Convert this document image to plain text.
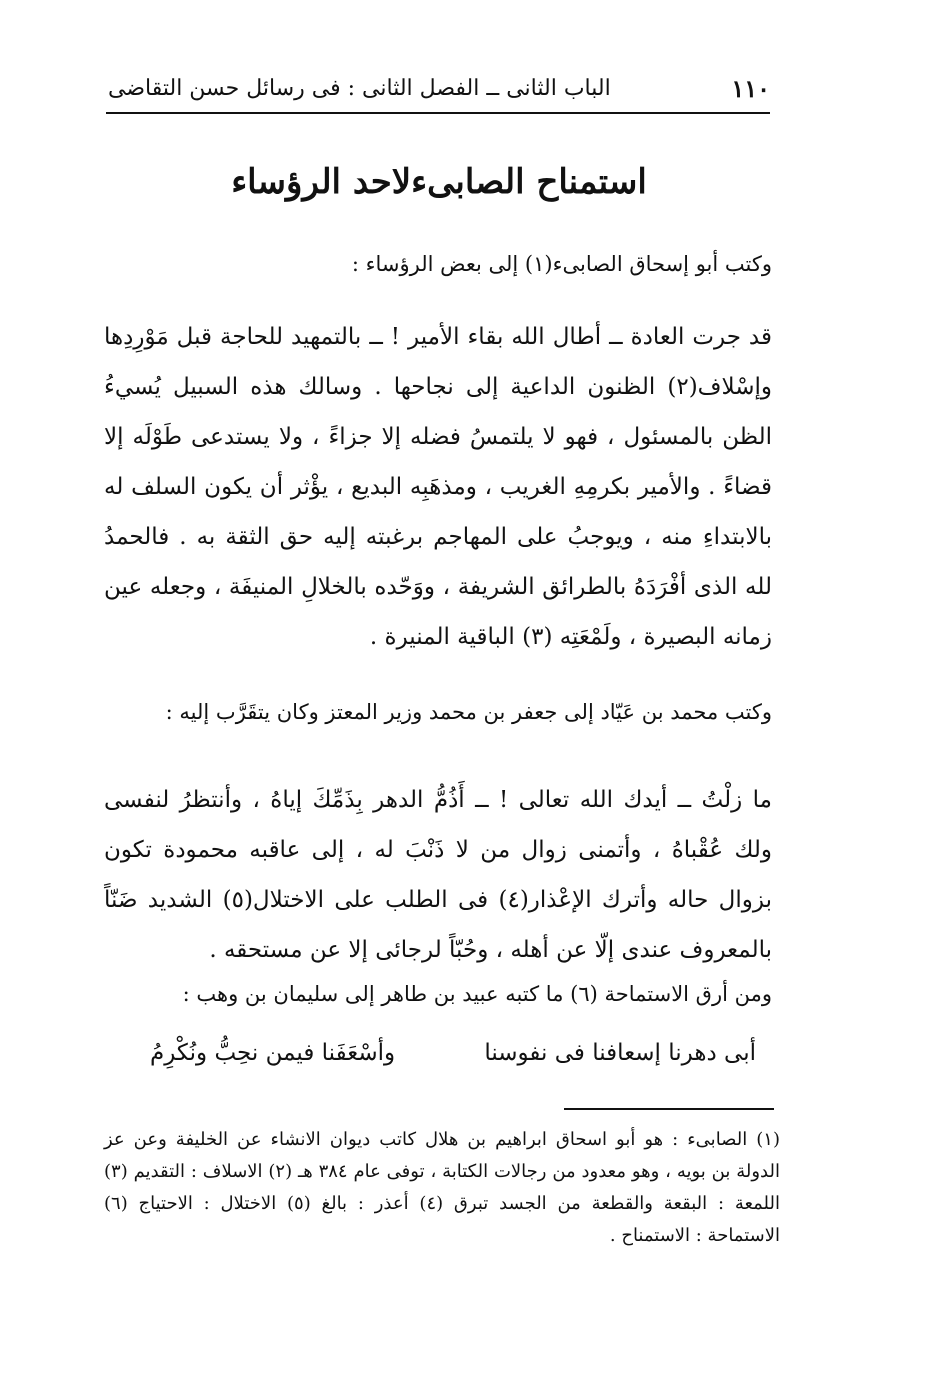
١١٠
الباب الثانى ــ الفصل الثانى : فى رسائل حسن التقاضى
استمناح الصابىءلاحد الرؤساء
وكتب أبو إسحاق الصابىء(١) إلى بعض الرؤساء :
قد جرت العادة ــ أطال الله بقاء الأمير ! ــ بالتمهيد للحاجة قبل مَوْرِدِها وإسْلاف(٢) الظنون الداعية إلى نجاحها . وسالك هذه السبيل يُسيءُ الظن بالمسئول ، فهو لا يلتمسُ فضله إلا جزاءً ، ولا يستدعى طَوْلَه إلا قضاءً . والأمير بكرمِهِ الغريب ، ومذهَبِه البديع ، يؤْثر أن يكون السلف له بالابتداءِ منه ، ويوجبُ على المهاجم برغبته إليه حق الثقة به . فالحمدُ لله الذى أفْرَدَهُ بالطرائق الشريفة ، ووَحّده بالخلالِ المنيفَة ، وجعله عين زمانه البصيرة ، ولَمْعَتِه (٣) الباقية المنيرة .
وكتب محمد بن عَيّاد إلى جعفر بن محمد وزير المعتز وكان يتقَرَّب إليه :
ما زلْتُ ــ أيدك الله تعالى ! ــ أَذُمُّ الدهر بِذَمِّكَ إياهُ ، وأنتظرُ لنفسى ولك عُقْباهُ ، وأتمنى زوال من لا ذَنْبَ له ، إلى عاقبه محمودة تكون بزوال حاله وأترك الإعْذار(٤) فى الطلب على الاختلال(٥) الشديد ضَنّاً بالمعروف عندى إلّا عن أهله ، وحُبّاً لرجائى إلا عن مستحقه .
ومن أرق الاستماحة (٦) ما كتبه عبيد بن طاهر إلى سليمان بن وهب :
أبى دهرنا إسعافنا فى نفوسنا
وأسْعَفَنا فيمن نحِبُّ ونُكْرِمُ
(١) الصابىء : هو أبو اسحاق ابراهيم بن هلال كاتب ديوان الانشاء عن الخليفة وعن عز الدولة بن بويه ، وهو معدود من رجالات الكتابة ، توفى عام ٣٨٤ هـ (٢) الاسلاف : التقديم (٣) اللمعة : البقعة والقطعة من الجسد تبرق (٤) أعذر : بالغ (٥) الاختلال : الاحتياج (٦) الاستماحة : الاستمناح .
